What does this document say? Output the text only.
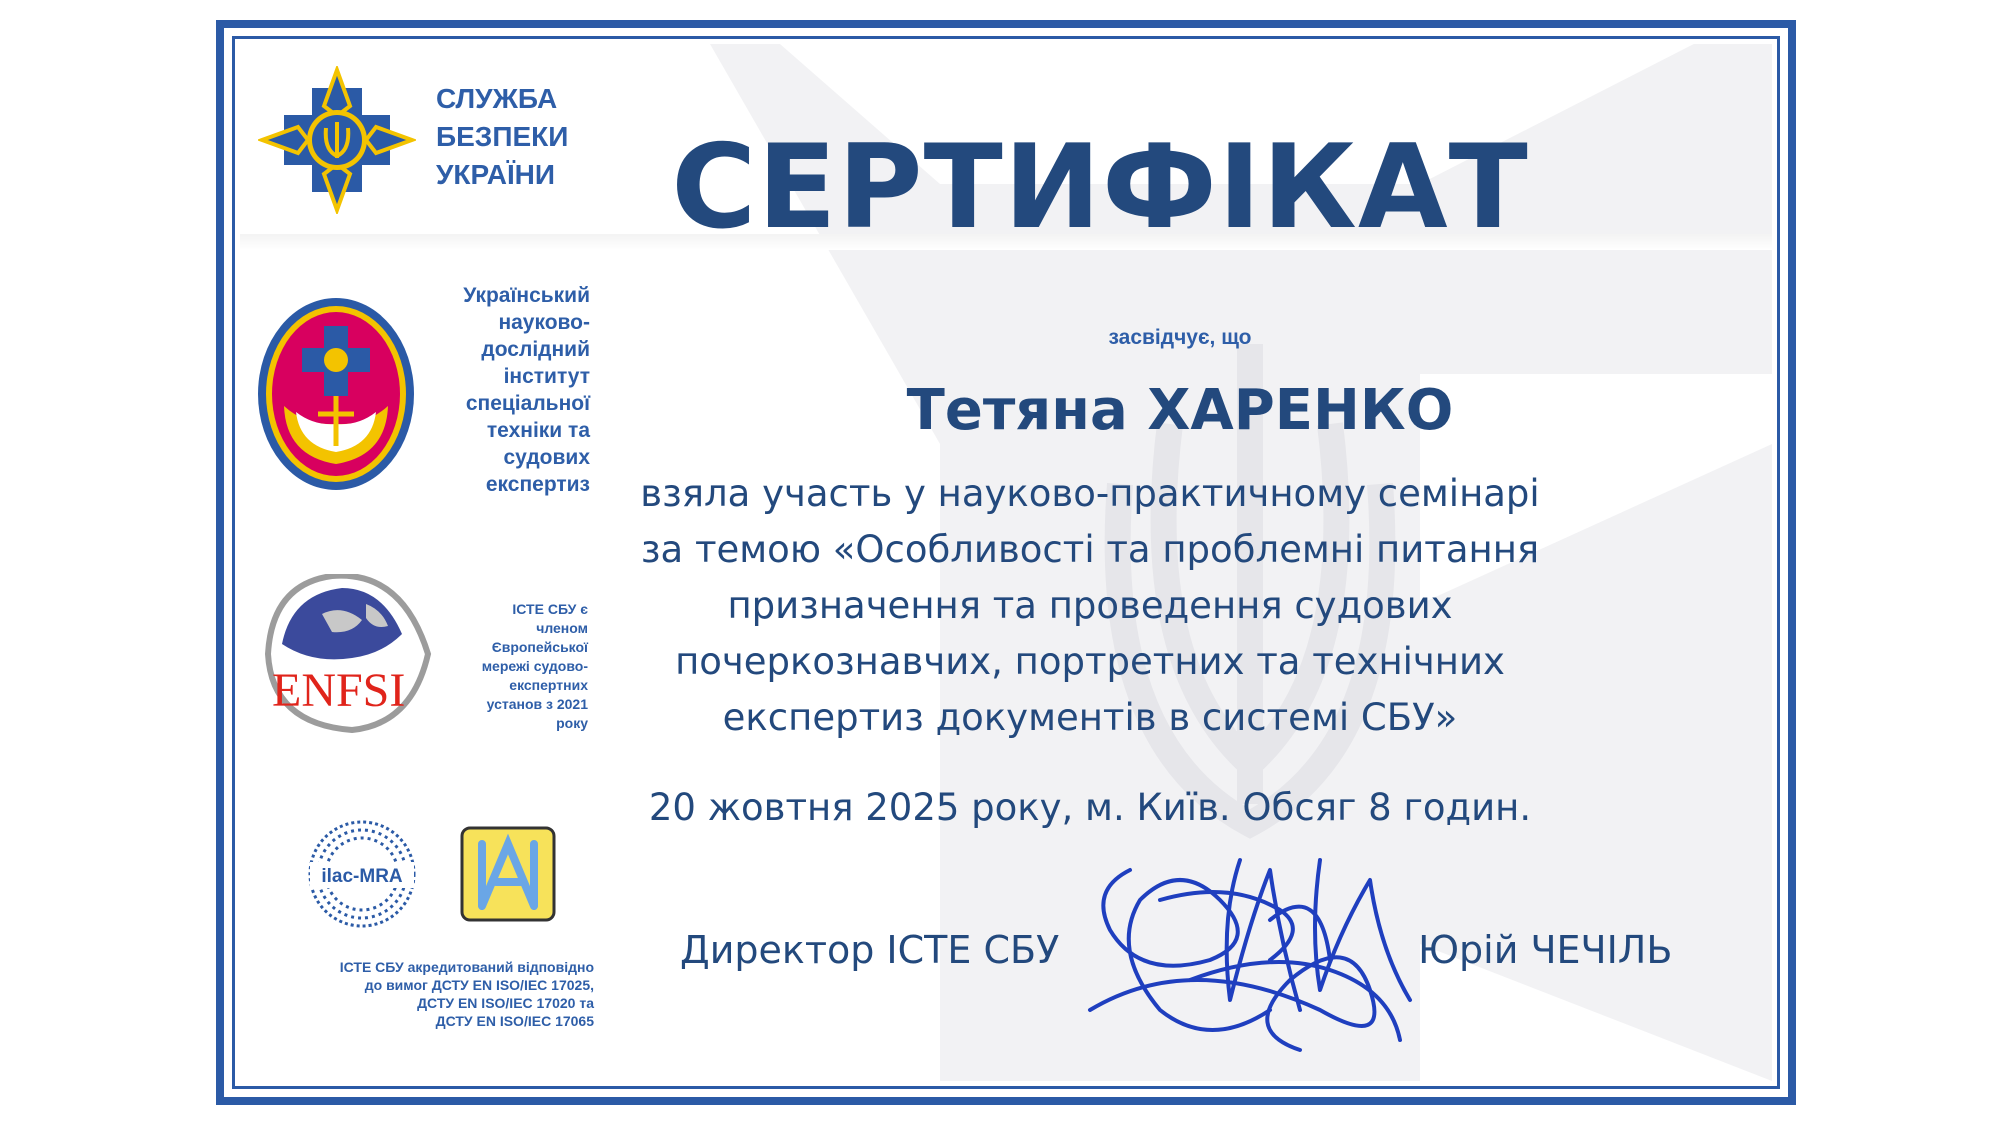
СЛУЖБА
БЕЗПЕКИ
УКРАЇНИ
Український
науково-
дослідний
інститут
спеціальної
техніки та
судових
експертиз
ENFSI
ІСТЕ СБУ є
членом
Європейської
мережі судово-
експертних
установ з 2021
року
ilac-MRA
ІСТЕ СБУ акредитований відповідно
до вимог ДСТУ EN ISO/IEC 17025,
ДСТУ EN ISO/IEC 17020 та
ДСТУ EN ISO/IEC 17065
СЕРТИФІКАТ
засвідчує, що
Тетяна ХАРЕНКО
взяла участь у науково-практичному семінарі
за темою «Особливості та проблемні питання
призначення та проведення судових
почеркознавчих, портретних та технічних
експертиз документів в системі СБУ»
20 жовтня 2025 року, м. Київ. Обсяг 8 годин.
Директор ІСТЕ СБУ	Юрій ЧЕЧІЛЬ
